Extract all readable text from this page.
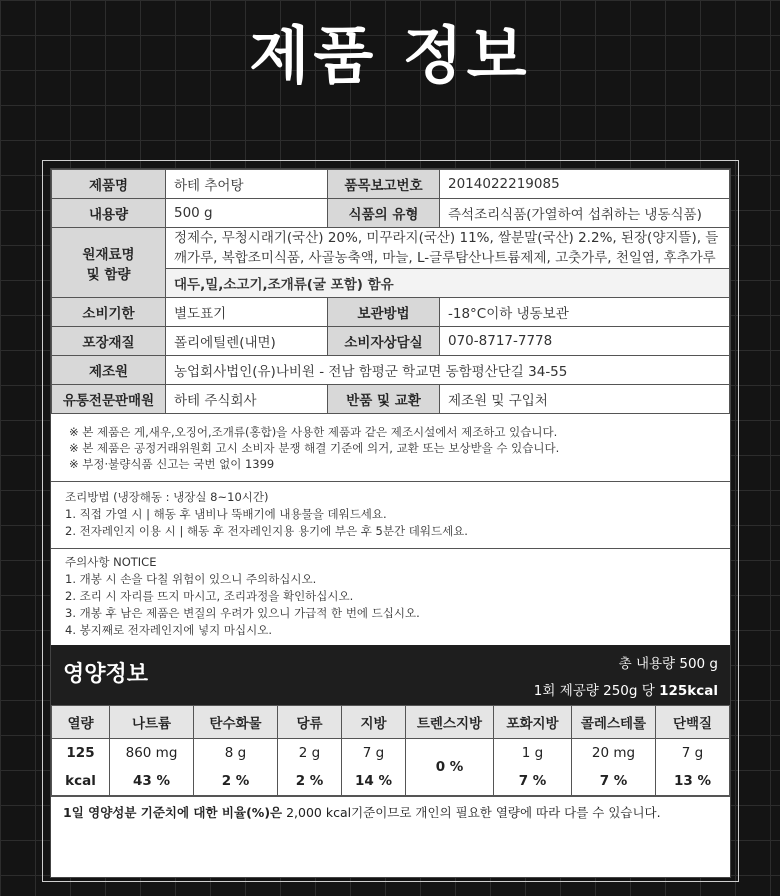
제품 정보
제품명	하테 추어탕	품목보고번호	2014022219085
내용량	500 g	식품의 유형	즉석조리식품(가열하여 섭취하는 냉동식품)

원재료명
및 함량	정제수, 무청시래기(국산) 20%, 미꾸라지(국산) 11%, 쌀분말(국산) 2.2%, 된장(양지뜰), 들깨가루, 복합조미식품, 사골농축액, 마늘, L-글루탐산나트륨제제, 고춧가루, 천일염, 후추가루		
	대두,밀,소고기,조개류(굴 포함) 함유		
소비기한	별도표기	보관방법	-18°C이하 냉동보관
포장재질	폴리에틸렌(내면)	소비자상담실	070-8717-7778
제조원	농업회사법인(유)나비원 - 전남 함평군 학교면 동함평산단길 34-55		
유통전문판매원	하테 주식회사	반품 및 교환	제조원 및 구입처
※ 본 제품은 게,새우,오징어,조개류(홍합)을 사용한 제품과 같은 제조시설에서 제조하고 있습니다.
※ 본 제품은 공정거래위원회 고시 소비자 분쟁 해결 기준에 의거, 교환 또는 보상받을 수 있습니다.
※ 부정·불량식품 신고는 국번 없이 1399
조리방법 (냉장해동 : 냉장실 8~10시간)
1. 직접 가열 시 | 해동 후 냄비나 뚝배기에 내용물을 데워드세요.
2. 전자레인지 이용 시 | 해동 후 전자레인지용 용기에 부은 후 5분간 데워드세요.
주의사항 NOTICE
1. 개봉 시 손을 다칠 위험이 있으니 주의하십시오.
2. 조리 시 자리를 뜨지 마시고, 조리과정을 확인하십시오.
3. 개봉 후 남은 제품은 변질의 우려가 있으니 가급적 한 번에 드십시오.
4. 봉지째로 전자레인지에 넣지 마십시오.
영양정보	총 내용량 500 g
1회 제공량 250g 당 125kcal
열량	나트륨	탄수화물	당류	지방	트렌스지방	포화지방	콜레스테롤	단백질
125	860 mg	8 g	2 g	7 g	0 %	1 g	20 mg	7 g
kcal	43 %	2 %	2 %	14 %		7 %	7 %	13 %
1일 영양성분 기준치에 대한 비율(%)은 2,000 kcal기준이므로 개인의 필요한 열량에 따라 다를 수 있습니다.
